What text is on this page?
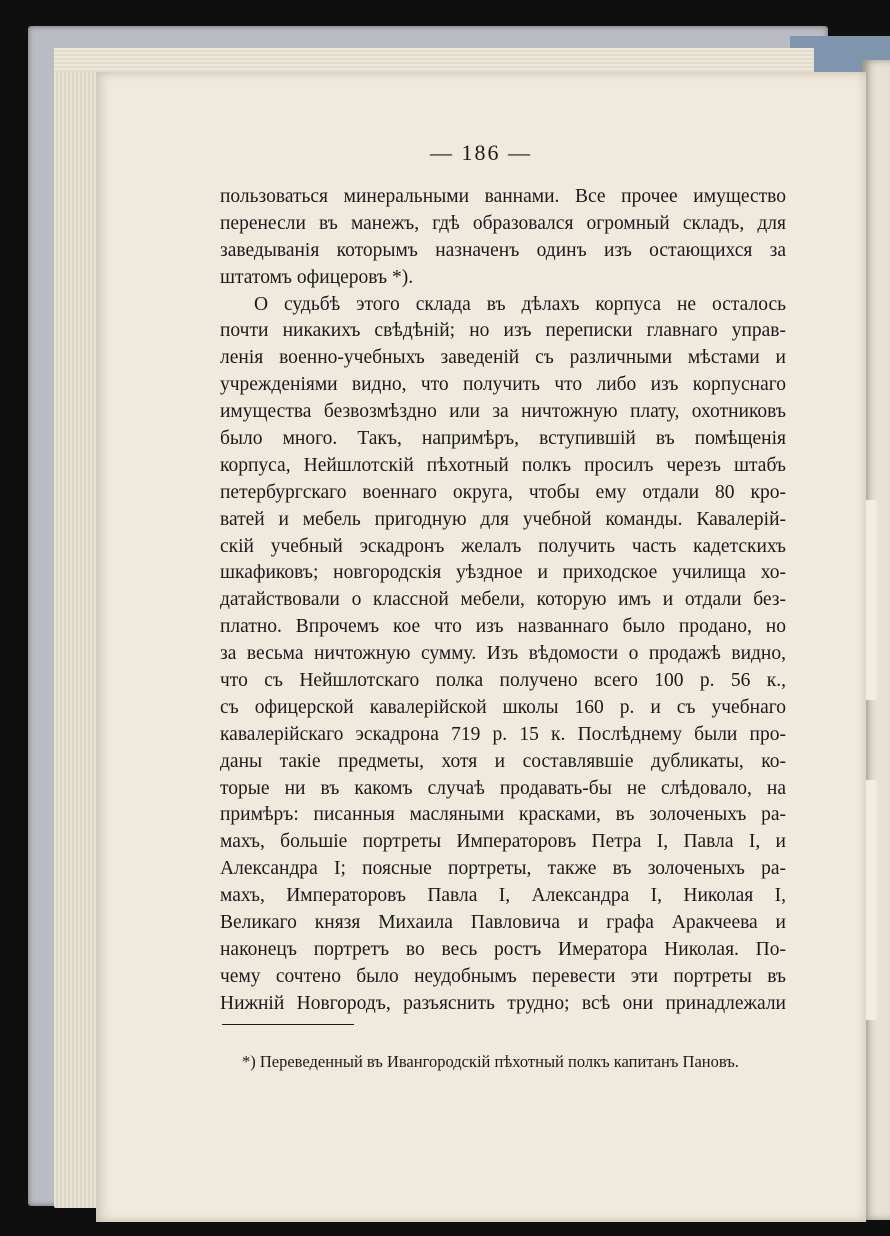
— 186 —
пользоваться минеральными ваннами. Все прочее имущество
перенесли въ манежъ, гдѣ образовался огромный складъ, для
заведыванія которымъ назначенъ одинъ изъ остающихся за
штатомъ офицеровъ *).
О судьбѣ этого склада въ дѣлахъ корпуса не осталось
почти никакихъ свѣдѣній; но изъ переписки главнаго управ-
ленія военно-учебныхъ заведеній съ различными мѣстами и
учрежденіями видно, что получить что либо изъ корпуснаго
имущества безвозмѣздно или за ничтожную плату, охотниковъ
было много. Такъ, напримѣръ, вступившій въ помѣщенія
корпуса, Нейшлотскій пѣхотный полкъ просилъ черезъ штабъ
петербургскаго военнаго округа, чтобы ему отдали 80 кро-
ватей и мебель пригодную для учебной команды. Кавалерій-
скій учебный эскадронъ желалъ получить часть кадетскихъ
шкафиковъ; новгородскія уѣздное и приходское училища хо-
датайствовали о классной мебели, которую имъ и отдали без-
платно. Впрочемъ кое что изъ названнаго было продано, но
за весьма ничтожную сумму. Изъ вѣдомости о продажѣ видно,
что съ Нейшлотскаго полка получено всего 100 р. 56 к.,
съ офицерской кавалерійской школы 160 р. и съ учебнаго
кавалерійскаго эскадрона 719 р. 15 к. Послѣднему были про-
даны такіе предметы, хотя и составлявшіе дубликаты, ко-
торые ни въ какомъ случаѣ продавать-бы не слѣдовало, на
примѣръ: писанныя масляными красками, въ золоченыхъ ра-
махъ, большіе портреты Императоровъ Петра I, Павла I, и
Александра I; поясные портреты, также въ золоченыхъ ра-
махъ, Императоровъ Павла I, Александра I, Николая I,
Великаго князя Михаила Павловича и графа Аракчеева и
наконецъ портретъ во весь ростъ Имератора Николая. По-
чему сочтено было неудобнымъ перевести эти портреты въ
Нижній Новгородъ, разъяснить трудно; всѣ они принадлежали
*) Переведенный въ Ивангородскій пѣхотный полкъ капитанъ Пановъ.
